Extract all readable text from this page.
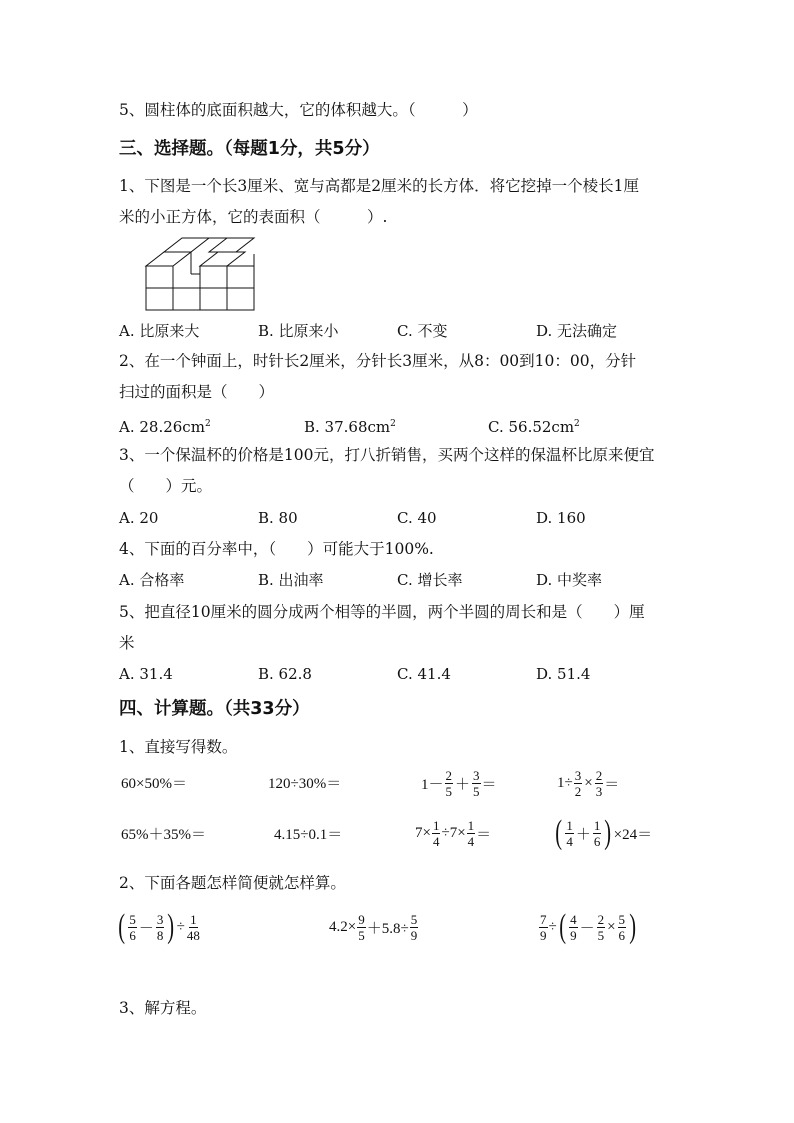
5、圆柱体的底面积越大，它的体积越大。（　　　）
三、选择题。（每题1分，共5分）
1、下图是一个长3厘米、宽与高都是2厘米的长方体．将它挖掉一个棱长1厘
米的小正方体，它的表面积（　　　）.
A. 比原来大	B. 比原来小	C. 不变	D. 无法确定
2、在一个钟面上，时针长2厘米，分针长3厘米，从8：00到10：00，分针
扫过的面积是（　　）
A. $28.26cm^2$	B. $37.68cm^2$	C. $56.52cm^2$
3、一个保温杯的价格是100元，打八折销售，买两个这样的保温杯比原来便宜
（　　）元。
A. 20	B. 80	C. 40	D. 160
4、下面的百分率中，（　　）可能大于100%.
A. 合格率	B. 出油率	C. 增长率	D. 中奖率
5、把直径10厘米的圆分成两个相等的半圆，两个半圆的周长和是（　　）厘
米
A. 31.4	B. 62.8	C. 41.4	D. 51.4
四、计算题。（共33分）
1、直接写得数。
60×50%＝	120÷30%＝	$1- \frac{2}{5} + \frac{3}{5}$ ＝	$1\div \frac{3}{2} \times \frac{2}{3}$ ＝
65%＋35%＝	4.15÷0.1＝	$7\times \frac{1}{4} \div 7\times \frac{1}{4}$ ＝ ( $\frac{1}{4} + \frac{1}{6}$ ) ×24＝
2、下面各题怎样简便就怎样算。
( $\frac{5}{6} - \frac{3}{8}$ ) ÷ $\frac{1}{48}$	$4.2\times \frac{9}{5} +5.8\div \frac{5}{9}$	$\frac{7}{9}$ ÷ ( $\frac{4}{9} - \frac{2}{5} \times \frac{5}{6}$ )
3、解方程。
